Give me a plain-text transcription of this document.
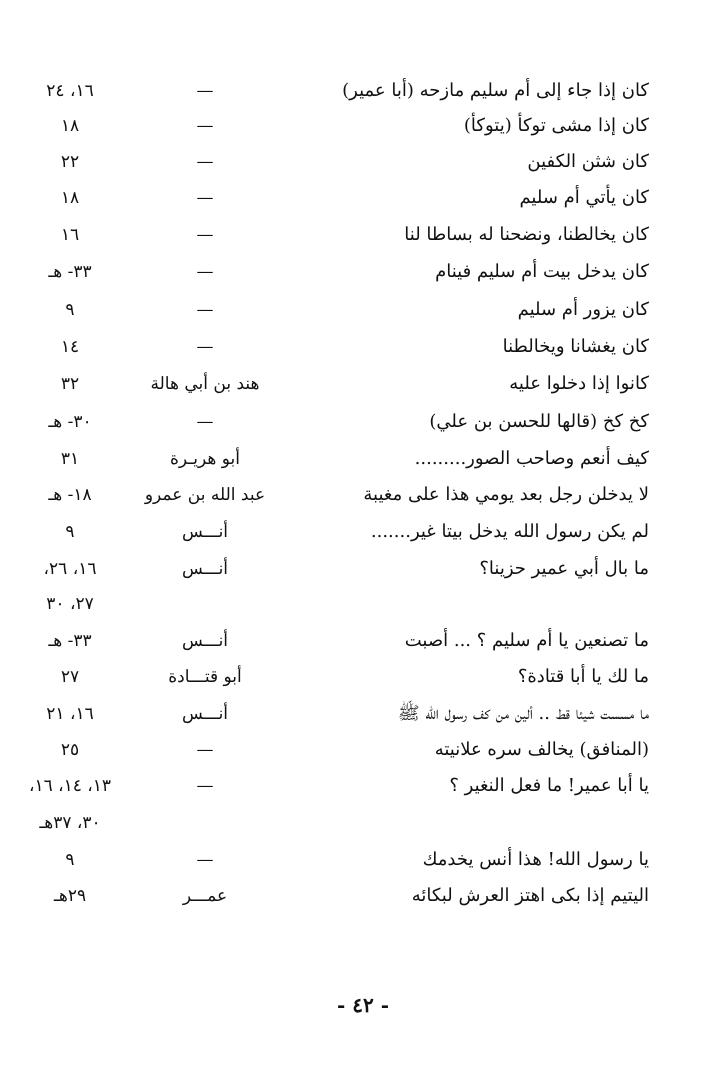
كان إذا جاء إلى أم سليم مازحه (أبا عمير)
—
١٦، ٢٤
كان إذا مشى توكأ (يتوكأ)
—
١٨
كان شثن الكفين
—
٢٢
كان يأتي أم سليم
—
١٨
كان يخالطنا، ونضحنا له بساطا لنا
—
١٦
كان يدخل بيت أم سليم فينام
—
٣٣- هـ
كان يزور أم سليم
—
٩
كان يغشانا ويخالطنا
—
١٤
كانوا إذا دخلوا عليه
هند بن أبي هالة
٣٢
كخ كخ (قالها للحسن بن علي)
—
٣٠- هـ
كيف أنعم وصاحب الصور.........
أبو هريـرة
٣١
لا يدخلن رجل بعد يومي هذا على مغيبة
عبد الله بن عمرو
١٨- هـ
لم يكن رسول الله يدخل بيتا غير.......
أنـــس
٩
ما بال أبي عمير حزينا؟
أنـــس
١٦، ٢٦،
٢٧، ٣٠
ما تصنعين يا أم سليم ؟ ... أصبت
أنـــس
٣٣- هـ
ما لك يا أبا قتادة؟
أبو قتـــادة
٢٧
ما مسست شيئا قط .. ألين من كف رسول الله ﷺ
أنـــس
١٦، ٢١
(المنافق) يخالف سره علانيته
—
٢٥
يا أبا عمير! ما فعل النغير ؟
—
١٣، ١٤، ١٦،
٣٠، ٣٧هـ
يا رسول الله! هذا أنس يخدمك
—
٩
اليتيم إذا بكى اهتز العرش لبكائه
عمـــر
٢٩هـ
- ٤٢ -
